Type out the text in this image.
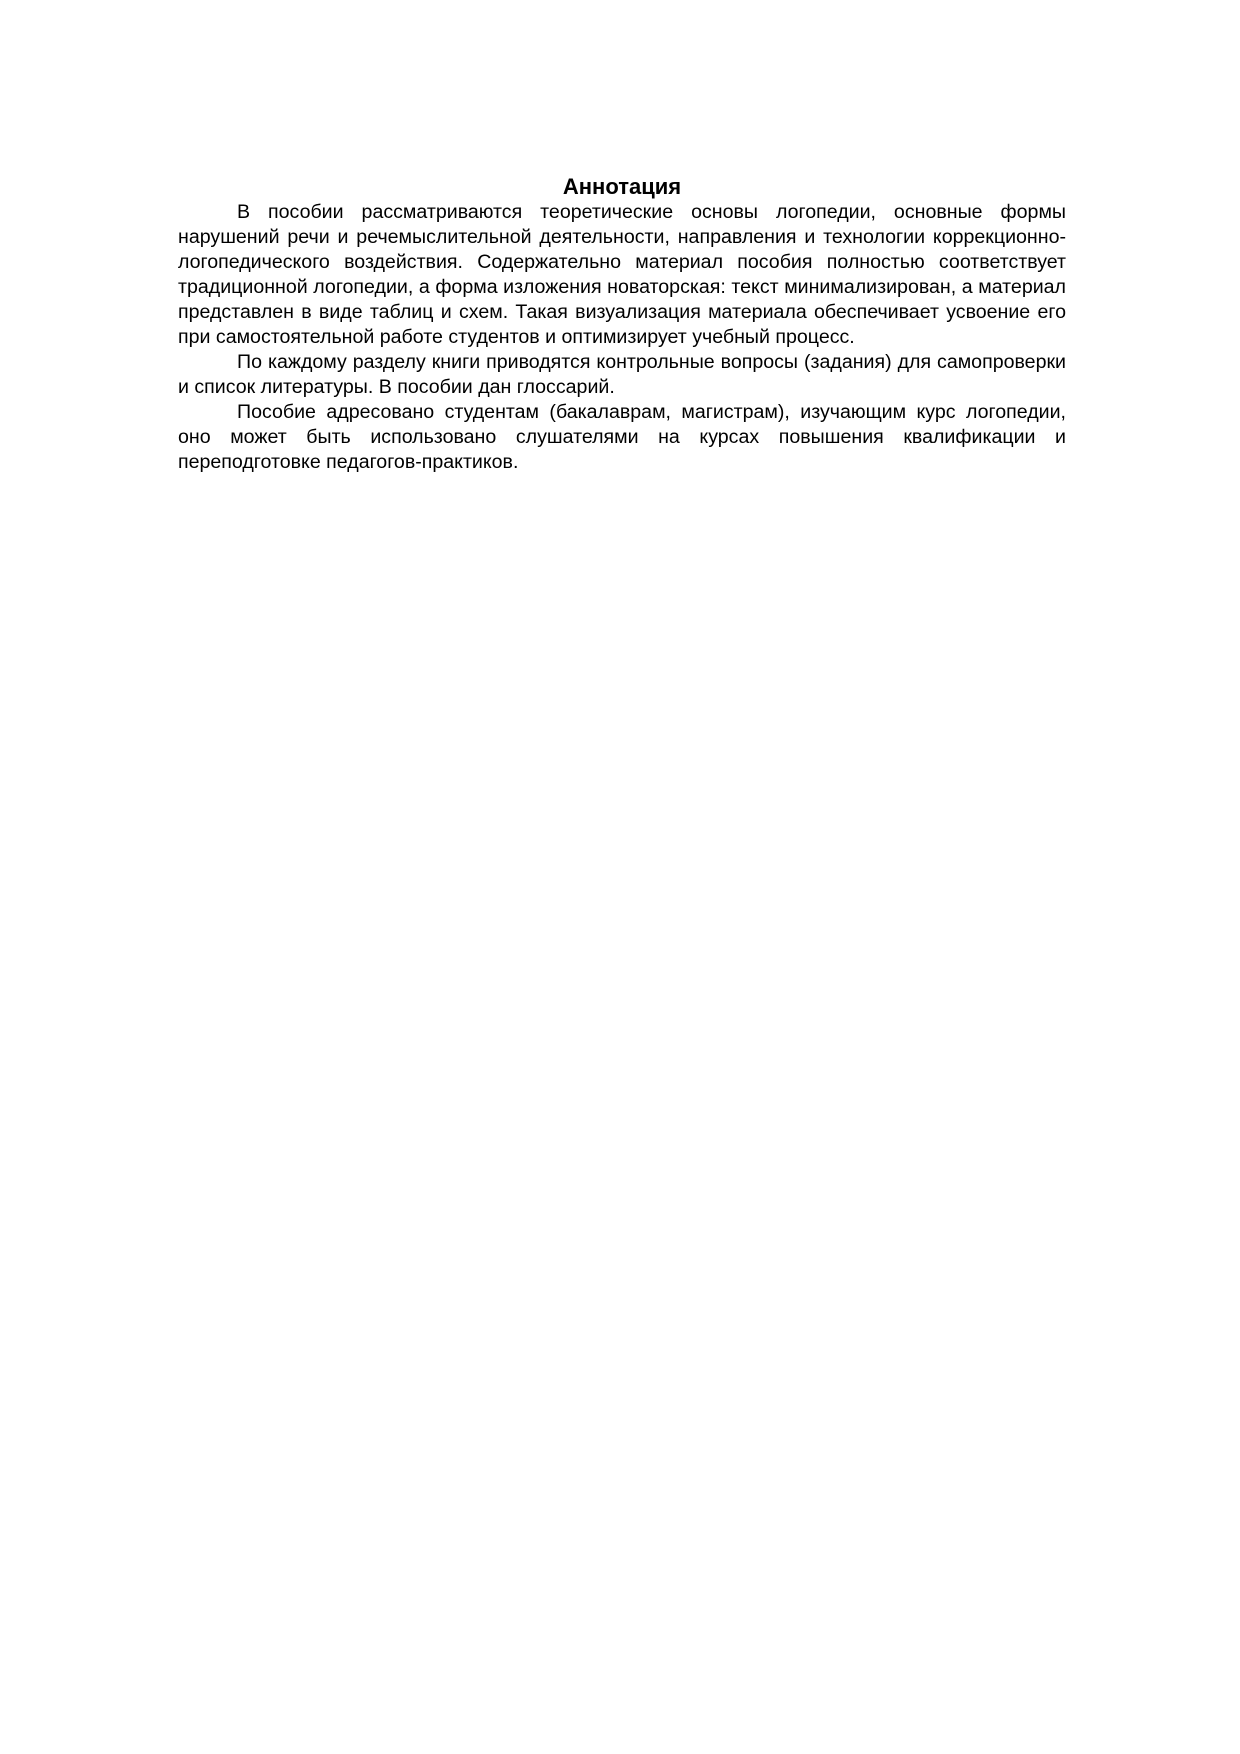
Аннотация

В пособии рассматриваются теоретические основы логопедии, основные формы нарушений речи и речемыслительной деятельности, направления и технологии коррекционно-логопедического воздействия. Содержательно материал пособия полностью соответствует традиционной логопедии, а форма изложения новаторская: текст минимализирован, а материал представлен в виде таблиц и схем. Такая визуализация материала обеспечивает усвоение его при самостоятельной работе студентов и оптимизирует учебный процесс.

По каждому разделу книги приводятся контрольные вопросы (задания) для самопроверки и список литературы. В пособии дан глоссарий.

Пособие адресовано студентам (бакалаврам, магистрам), изучающим курс логопедии, оно может быть использовано слушателями на курсах повышения квалификации и переподготовке педагогов-практиков.
